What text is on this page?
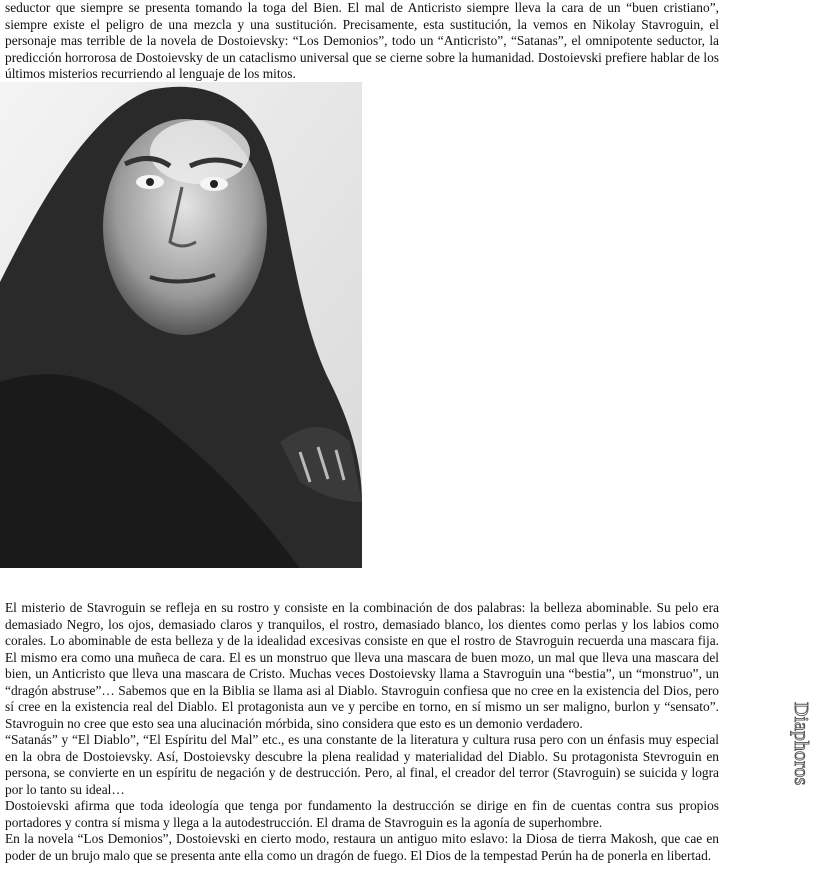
seductor que siempre se presenta tomando la toga del Bien. El mal de Anticristo siempre lleva la cara de un “buen cristiano”, siempre existe el peligro de una mezcla y una sustitución. Precisamente, esta sustitución, la vemos en Nikolay Stavroguin, el personaje mas terrible de la novela de Dostoievsky: “Los Demonios”, todo un “Anticristo”, “Satanas”, el omnipotente seductor, la predicción horrorosa de Dostoievsky de un cataclismo universal que se cierne sobre la humanidad. Dostoievski prefiere hablar de los últimos misterios recurriendo al lenguaje de los mitos.

El misterio de Stavroguin se refleja en su rostro y consiste en la combinación de dos palabras: la belleza abominable. Su pelo era demasiado Negro, los ojos, demasiado claros y tranquilos, el rostro, demasiado blanco, los dientes como perlas y los labios como corales. Lo abominable de esta belleza y de la idealidad excesivas consiste en que el rostro de Stavroguin recuerda una mascara fija. El mismo era como una muñeca de cara. El es un monstruo que lleva una mascara de buen mozo, un mal que lleva una mascara del bien, un Anticristo que lleva una mascara de Cristo. Muchas veces Dostoievsky llama a Stavroguin una “bestia”, un “monstruo”, un “dragón abstruse”… Sabemos que en la Biblia se llama asi al Diablo. Stavroguin confiesa que no cree en la existencia del Dios, pero sí cree en la existencia real del Diablo. El protagonista aun ve y percibe en torno, en sí mismo un ser maligno, burlon y “sensato”. Stavroguin no cree que esto sea una alucinación mórbida, sino considera que esto es un demonio verdadero.

“Satanás” y “El Diablo”, “El Espíritu del Mal” etc., es una constante de la literatura y cultura rusa pero con un énfasis muy especial en la obra de Dostoievsky. Así, Dostoievsky descubre la plena realidad y materialidad del Diablo. Su protagonista Stevroguin en persona, se convierte en un espíritu de negación y de destrucción. Pero, al final, el creador del terror (Stavroguin) se suicida y logra por lo tanto su ideal…

Dostoievski afirma que toda ideología que tenga por fundamento la destrucción se dirige en fin de cuentas contra sus propios portadores y contra sí misma y llega a la autodestrucción. El drama de Stavroguin es la agonía de superhombre.

En la novela “Los Demonios”, Dostoievski en cierto modo, restaura un antiguo mito eslavo: la Diosa de tierra Makosh, que cae en poder de un brujo malo que se presenta ante ella como un dragón de fuego. El Dios de la tempestad Perún ha de ponerla en libertad.

Diaphoros
